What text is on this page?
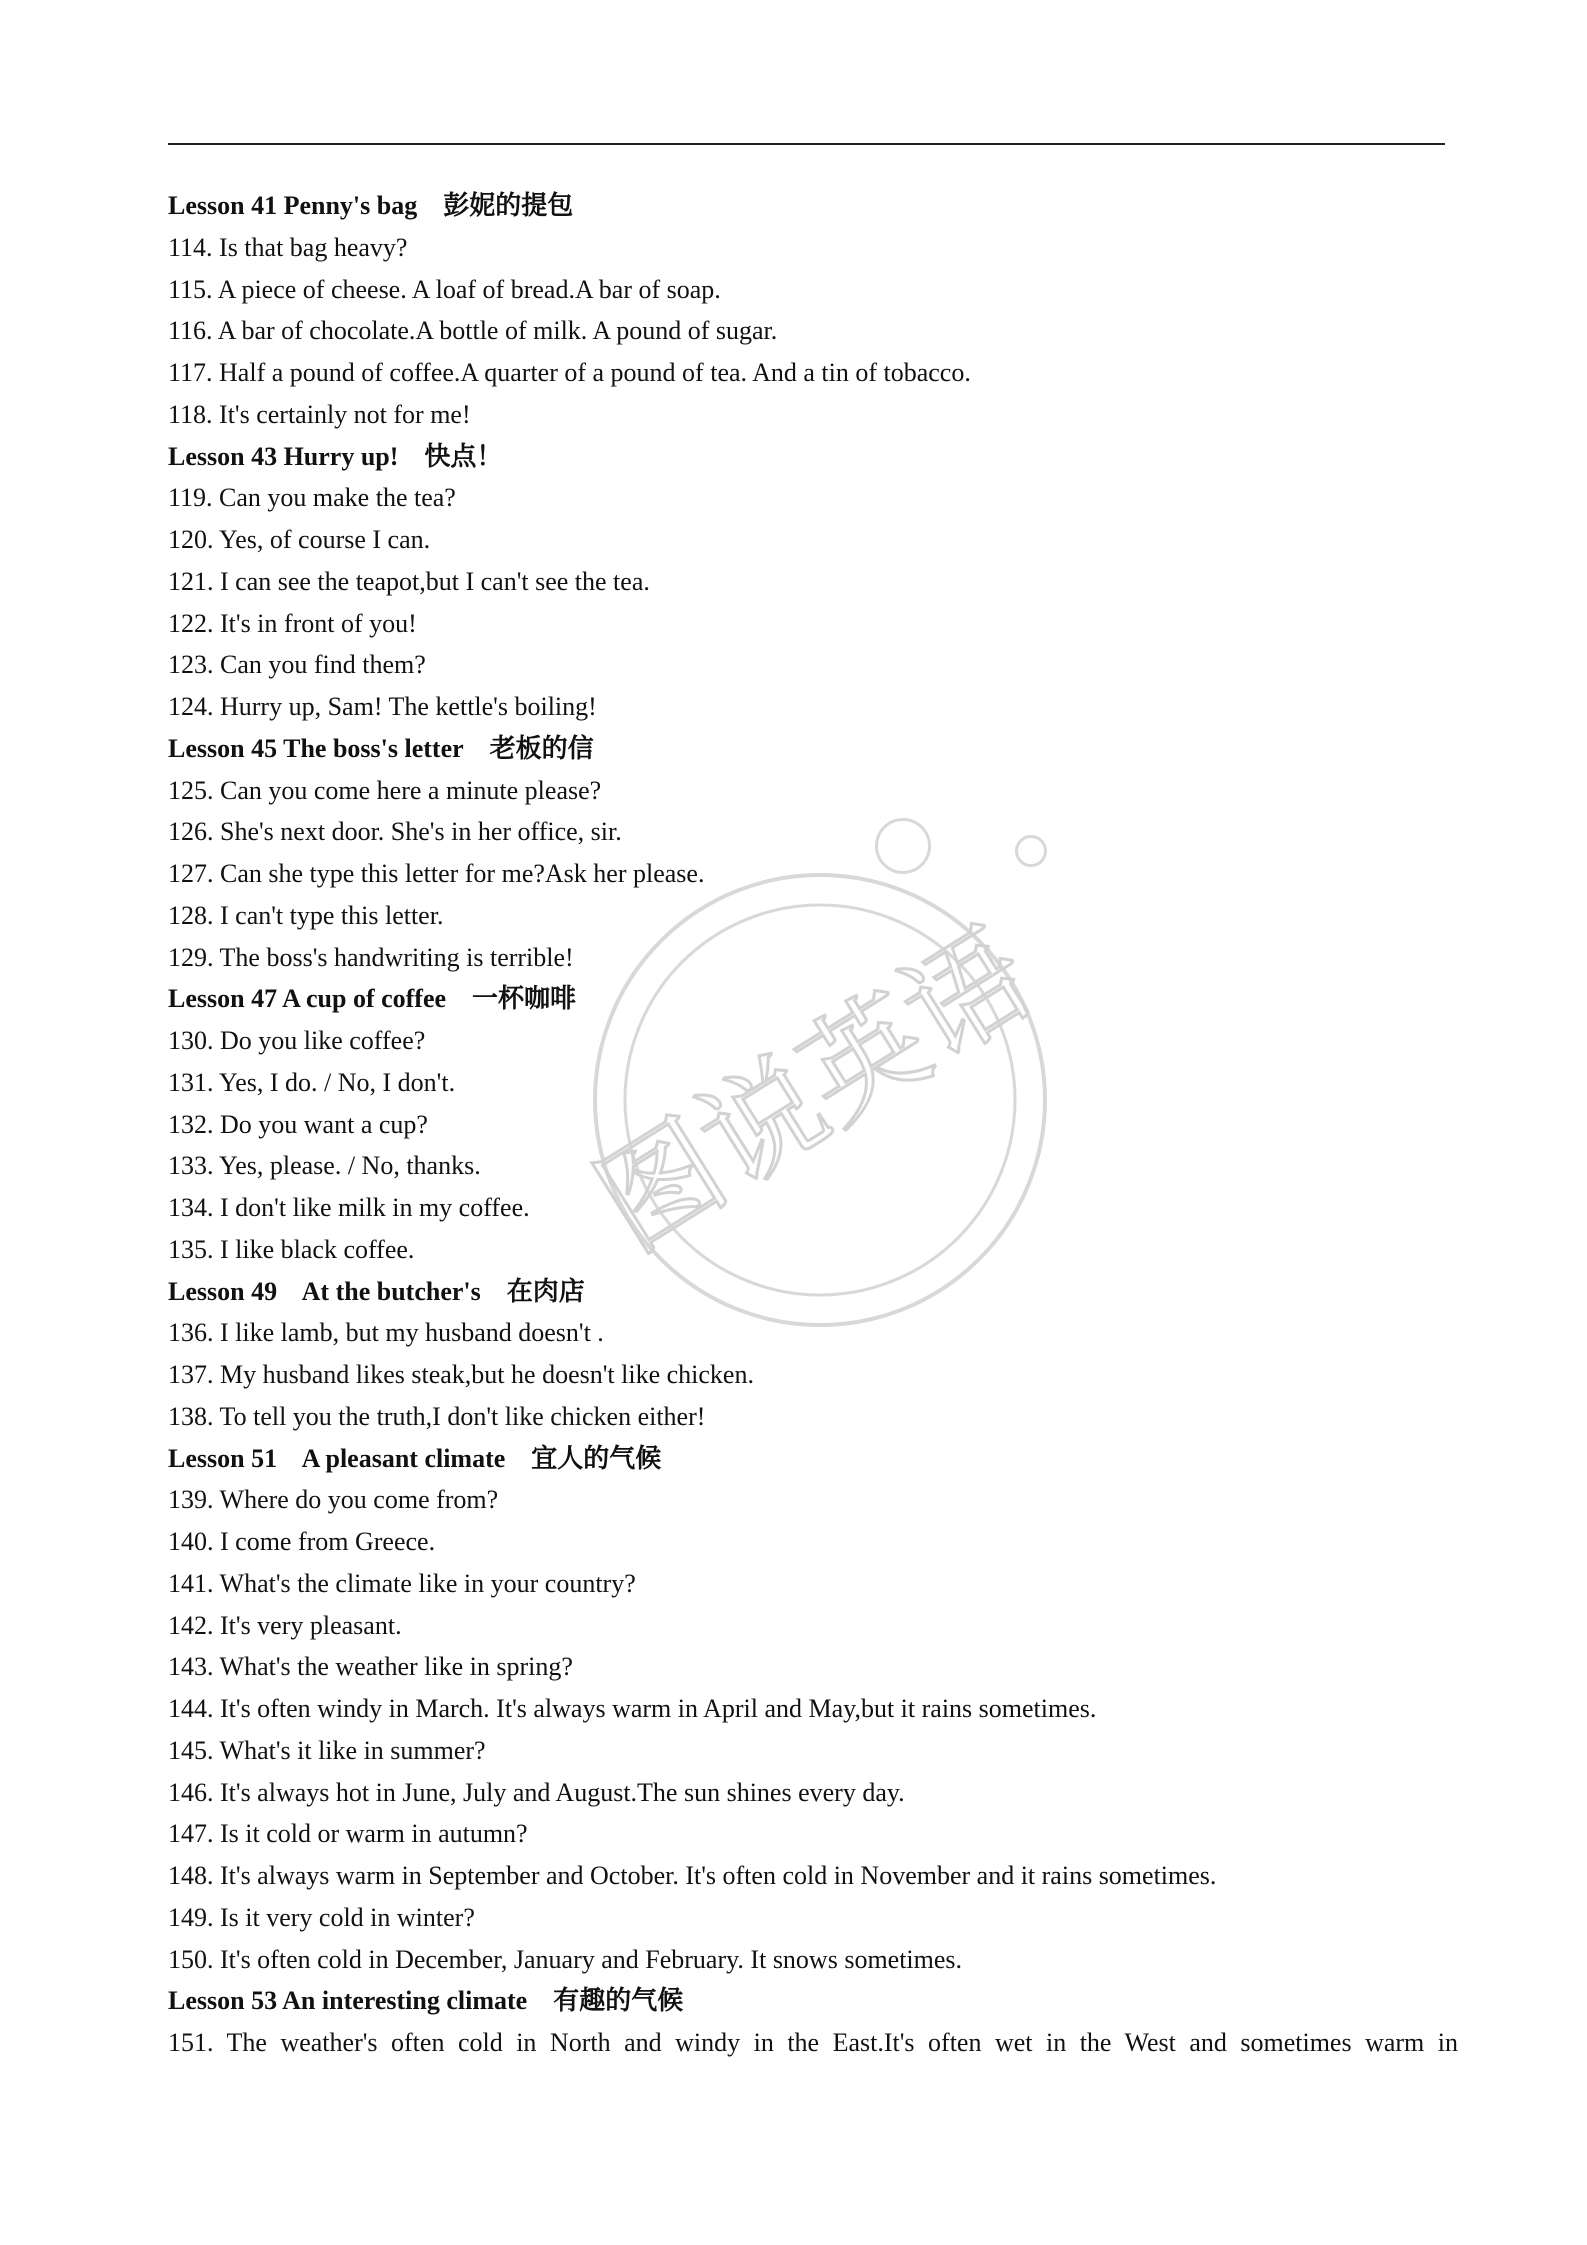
图说英语
Lesson 41 Penny's bag 彭妮的提包
114. Is that bag heavy?
115. A piece of cheese. A loaf of bread.A bar of soap.
116. A bar of chocolate.A bottle of milk. A pound of sugar.
117. Half a pound of coffee.A quarter of a pound of tea. And a tin of tobacco.
118. It's certainly not for me!
Lesson 43 Hurry up! 快点！
119. Can you make the tea?
120. Yes, of course I can.
121. I can see the teapot,but I can't see the tea.
122. It's in front of you!
123. Can you find them?
124. Hurry up, Sam! The kettle's boiling!
Lesson 45 The boss's letter 老板的信
125. Can you come here a minute please?
126. She's next door. She's in her office, sir.
127. Can she type this letter for me?Ask her please.
128. I can't type this letter.
129. The boss's handwriting is terrible!
Lesson 47 A cup of coffee 一杯咖啡
130. Do you like coffee?
131. Yes, I do. / No, I don't.
132. Do you want a cup?
133. Yes, please. / No, thanks.
134. I don't like milk in my coffee.
135. I like black coffee.
Lesson 49    At the butcher's 在肉店
136. I like lamb, but my husband doesn't .
137. My husband likes steak,but he doesn't like chicken.
138. To tell you the truth,I don't like chicken either!
Lesson 51    A pleasant climate 宜人的气候
139. Where do you come from?
140. I come from Greece.
141. What's the climate like in your country?
142. It's very pleasant.
143. What's the weather like in spring?
144. It's often windy in March. It's always warm in April and May,but it rains sometimes.
145. What's it like in summer?
146. It's always hot in June, July and August.The sun shines every day.
147. Is it cold or warm in autumn?
148. It's always warm in September and October. It's often cold in November and it rains sometimes.
149. Is it very cold in winter?
150. It's often cold in December, January and February. It snows sometimes.
Lesson 53 An interesting climate 有趣的气候
151. The weather's often cold in North and windy in the East.It's often wet in the West and sometimes warm in
